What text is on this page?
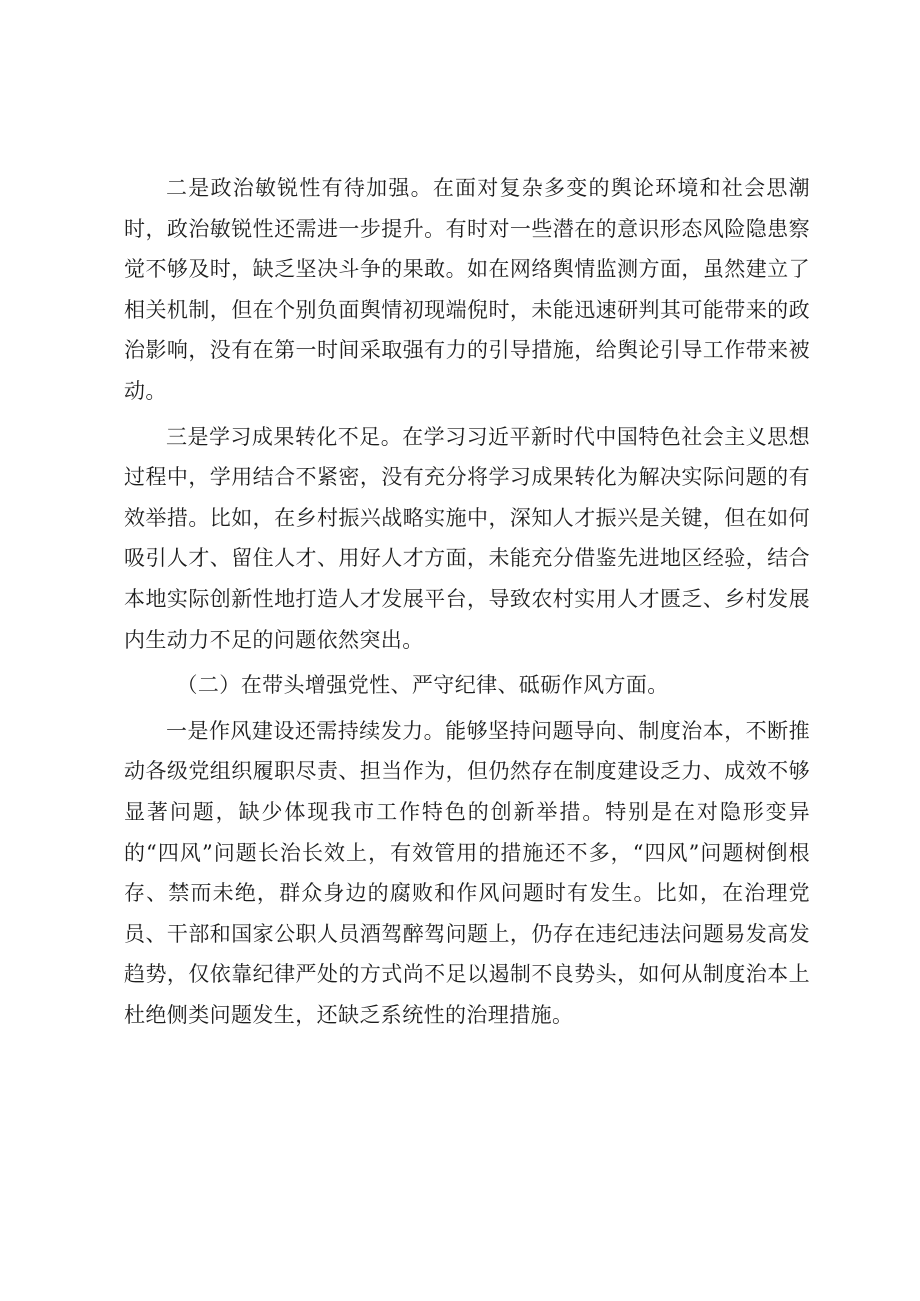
二是政治敏锐性有待加强。在面对复杂多变的舆论环境和社会思潮时，政治敏锐性还需进一步提升。有时对一些潜在的意识形态风险隐患察觉不够及时，缺乏坚决斗争的果敢。如在网络舆情监测方面，虽然建立了相关机制，但在个别负面舆情初现端倪时，未能迅速研判其可能带来的政治影响，没有在第一时间采取强有力的引导措施，给舆论引导工作带来被动。

三是学习成果转化不足。在学习习近平新时代中国特色社会主义思想过程中，学用结合不紧密，没有充分将学习成果转化为解决实际问题的有效举措。比如，在乡村振兴战略实施中，深知人才振兴是关键，但在如何吸引人才、留住人才、用好人才方面，未能充分借鉴先进地区经验，结合本地实际创新性地打造人才发展平台，导致农村实用人才匮乏、乡村发展内生动力不足的问题依然突出。

（二）在带头增强党性、严守纪律、砥砺作风方面。

一是作风建设还需持续发力。能够坚持问题导向、制度治本，不断推动各级党组织履职尽责、担当作为，但仍然存在制度建设乏力、成效不够显著问题，缺少体现我市工作特色的创新举措。特别是在对隐形变异的“四风”问题长治长效上，有效管用的措施还不多，“四风”问题树倒根存、禁而未绝，群众身边的腐败和作风问题时有发生。比如，在治理党员、干部和国家公职人员酒驾醉驾问题上，仍存在违纪违法问题易发高发趋势，仅依靠纪律严处的方式尚不足以遏制不良势头，如何从制度治本上杜绝侧类问题发生，还缺乏系统性的治理措施。
